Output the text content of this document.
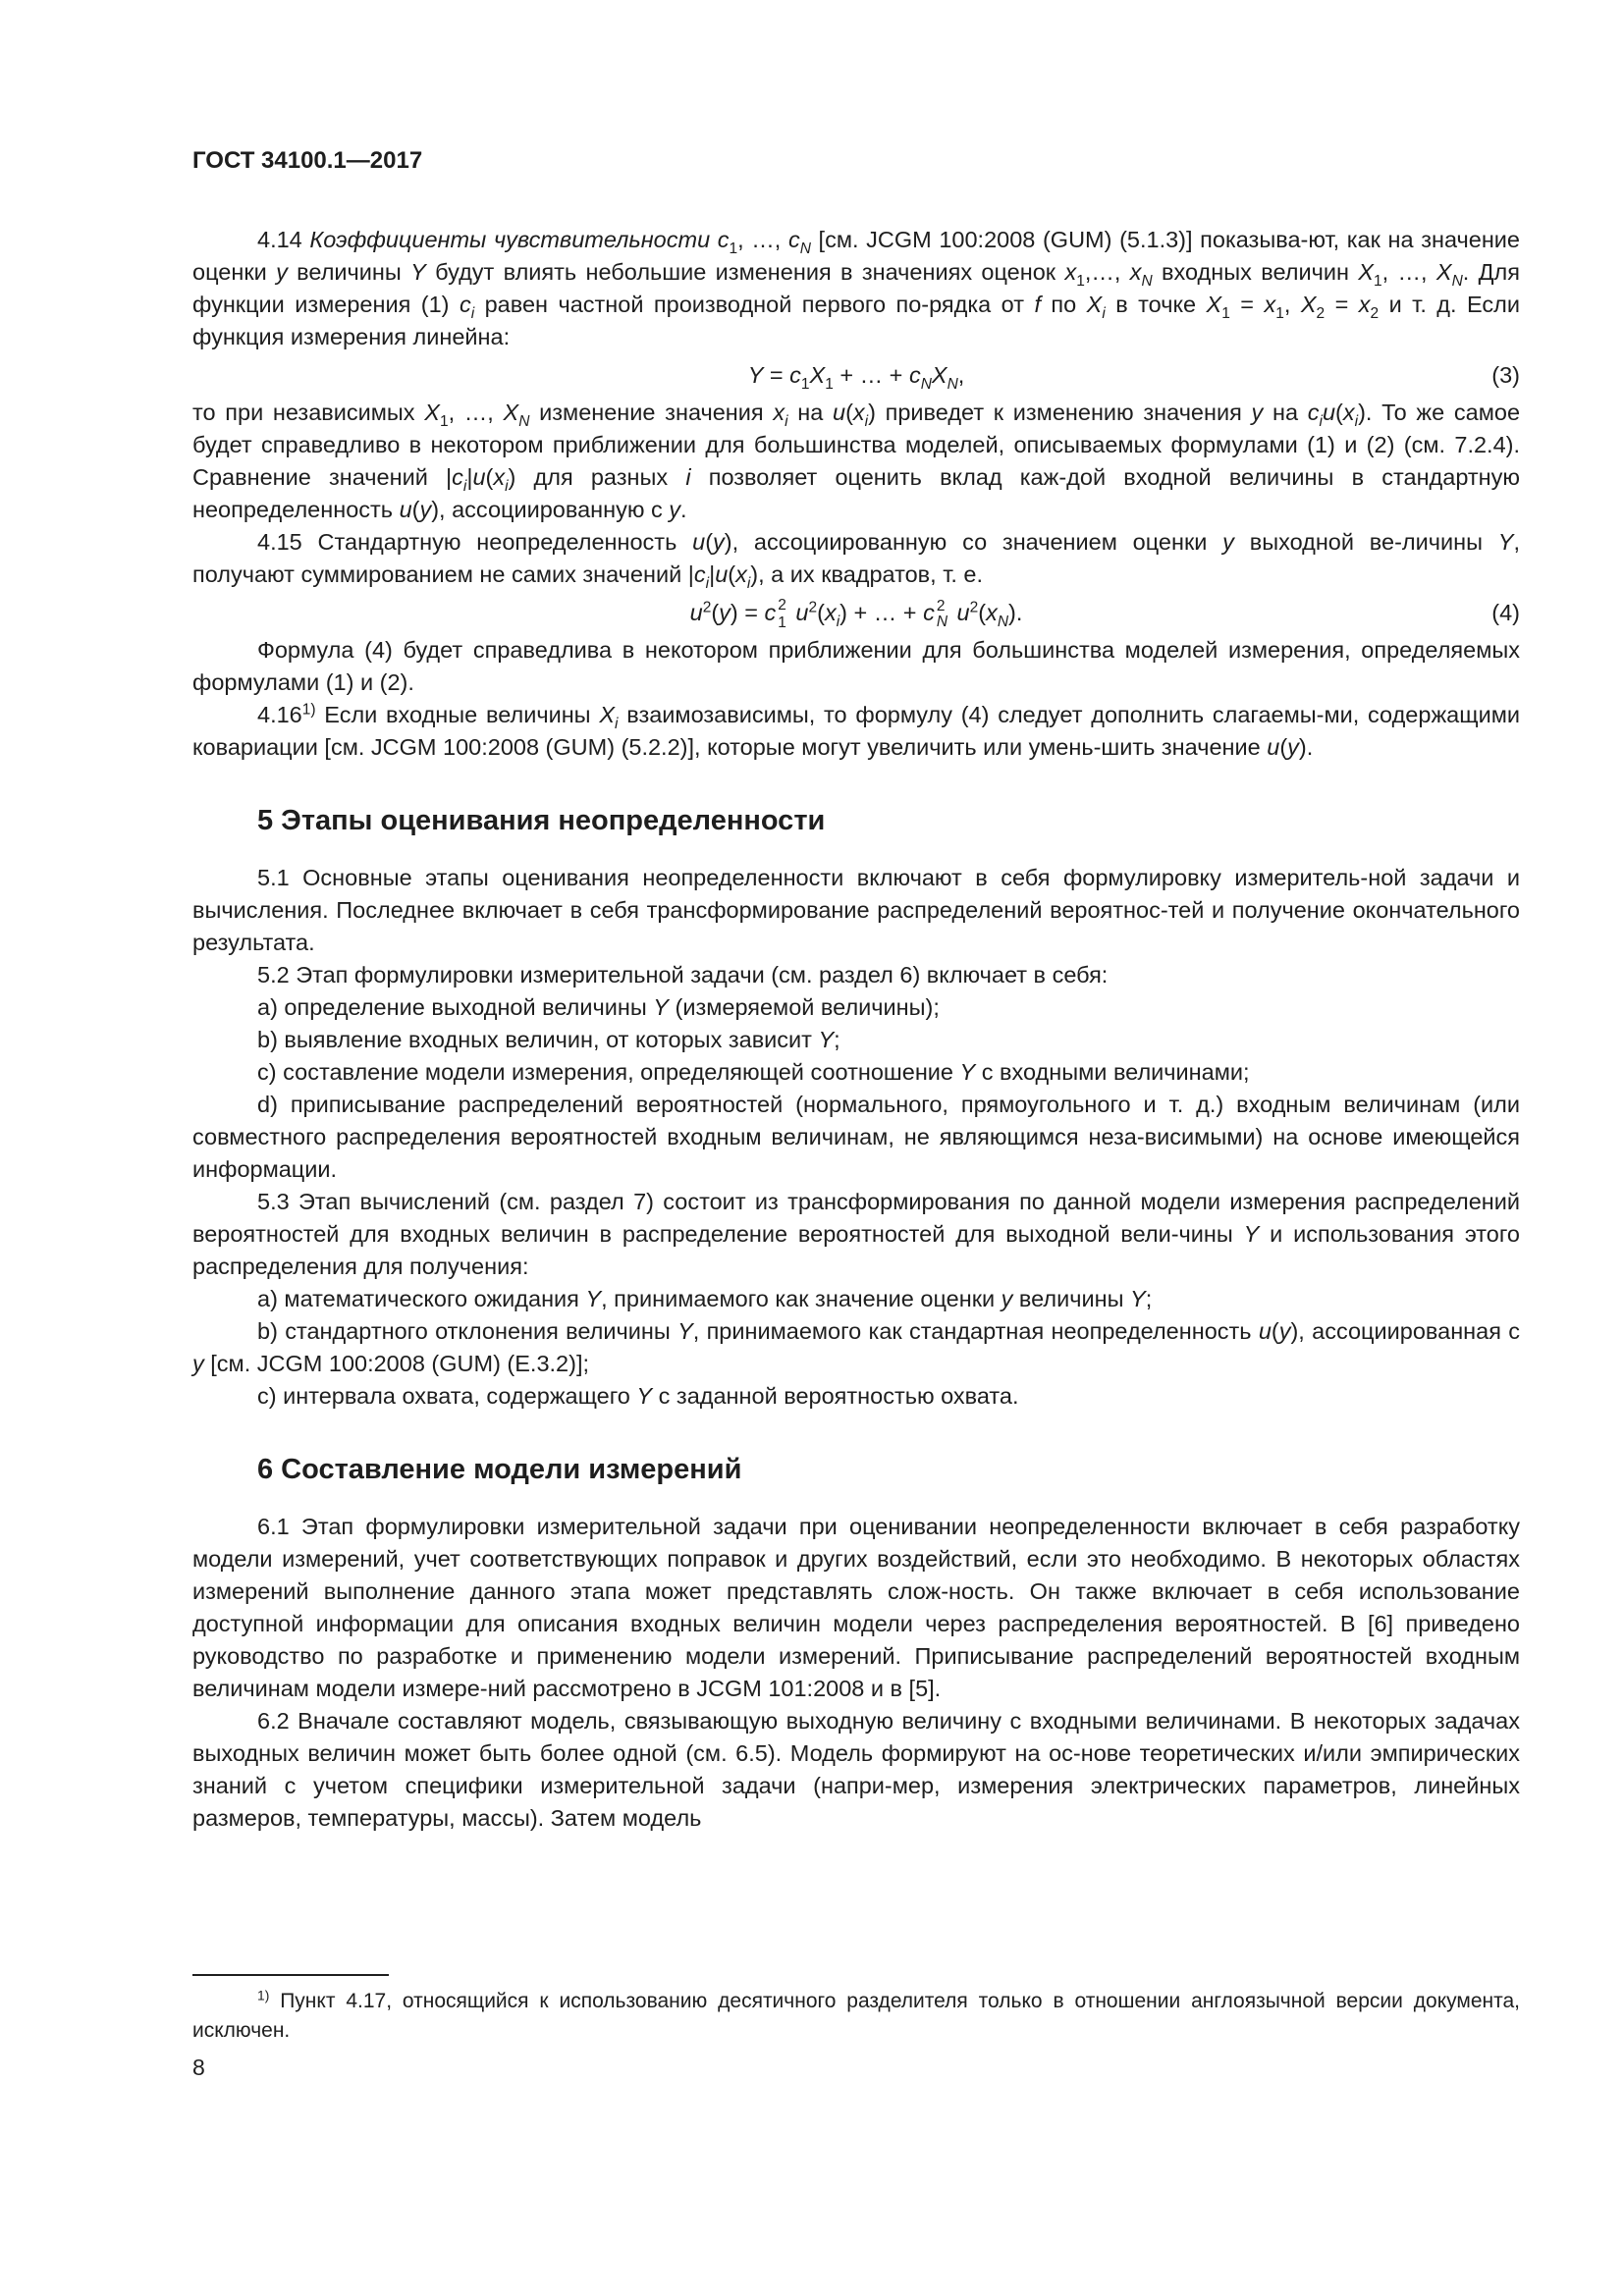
ГОСТ 34100.1—2017

4.14 Коэффициенты чувствительности $c_1$, …, $c_N$ [см. JCGM 100:2008 (GUM) (5.1.3)] показыва-ют, как на значение оценки y величины Y будут влиять небольшие изменения в значениях оценок $x_1,\dots$, $x_N$ входных величин $X_1$, …, $X_N$. Для функции измерения (1) $c_i$ равен частной производной первого по-рядка от f по $X_i$ в точке $X_1 = x_1$, $X_2 = x_2$ и т. д. Если функция измерения линейна:

$Y = c_1X_1$ + … + $c_NX_N$,	(3)

то при независимых $X_1$, …, $X_N$ изменение значения $x_i$ на $u(x_i)$ приведет к изменению значения y на $c_iu(x_i)$. То же самое будет справедливо в некотором приближении для большинства моделей, описываемых формулами (1) и (2) (см. 7.2.4). Сравнение значений $|c_i|u(x_i)$ для разных i позволяет оценить вклад каж-дой входной величины в стандартную неопределенность u(y), ассоциированную с y.

4.15 Стандартную неопределенность u(y), ассоциированную со значением оценки y выходной ве-личины Y, получают суммированием не самих значений $|c_i|u(x_i)$, а их квадратов, т. е.

$u^2(y) = c$ 2
1 $u^2(x_i)$ + … + c 2
N $u^2(x_N)$.	(4)

Формула (4) будет справедлива в некотором приближении для большинства моделей измерения, определяемых формулами (1) и (2).

4.16$^{1)}$ Если входные величины $X_i$ взаимозависимы, то формулу (4) следует дополнить слагаемы-ми, содержащими ковариации [см. JCGM 100:2008 (GUM) (5.2.2)], которые могут увеличить или умень-шить значение u(y).

5 Этапы оценивания неопределенности

5.1 Основные этапы оценивания неопределенности включают в себя формулировку измеритель-ной задачи и вычисления. Последнее включает в себя трансформирование распределений вероятнос-тей и получение окончательного результата.

5.2 Этап формулировки измерительной задачи (см. раздел 6) включает в себя:

a) определение выходной величины Y (измеряемой величины);

b) выявление входных величин, от которых зависит Y;

c) составление модели измерения, определяющей соотношение Y с входными величинами;

d) приписывание распределений вероятностей (нормального, прямоугольного и т. д.) входным величинам (или совместного распределения вероятностей входным величинам, не являющимся неза-висимыми) на основе имеющейся информации.

5.3 Этап вычислений (см. раздел 7) состоит из трансформирования по данной модели измерения распределений вероятностей для входных величин в распределение вероятностей для выходной вели-чины Y и использования этого распределения для получения:

a) математического ожидания Y, принимаемого как значение оценки y величины Y;

b) стандартного отклонения величины Y, принимаемого как стандартная неопределенность u(y), ассоциированная с y [см. JCGM 100:2008 (GUM) (E.3.2)];

c) интервала охвата, содержащего Y с заданной вероятностью охвата.

6 Составление модели измерений

6.1 Этап формулировки измерительной задачи при оценивании неопределенности включает в себя разработку модели измерений, учет соответствующих поправок и других воздействий, если это необходимо. В некоторых областях измерений выполнение данного этапа может представлять слож-ность. Он также включает в себя использование доступной информации для описания входных величин модели через распределения вероятностей. В [6] приведено руководство по разработке и применению модели измерений. Приписывание распределений вероятностей входным величинам модели измере-ний рассмотрено в JCGM 101:2008 и в [5].

6.2 Вначале составляют модель, связывающую выходную величину с входными величинами. В некоторых задачах выходных величин может быть более одной (см. 6.5). Модель формируют на ос-нове теоретических и/или эмпирических знаний с учетом специфики измерительной задачи (напри-мер, измерения электрических параметров, линейных размеров, температуры, массы). Затем модель

$^{1)}$ Пункт 4.17, относящийся к использованию десятичного разделителя только в отношении англоязычной версии документа, исключен.
8
